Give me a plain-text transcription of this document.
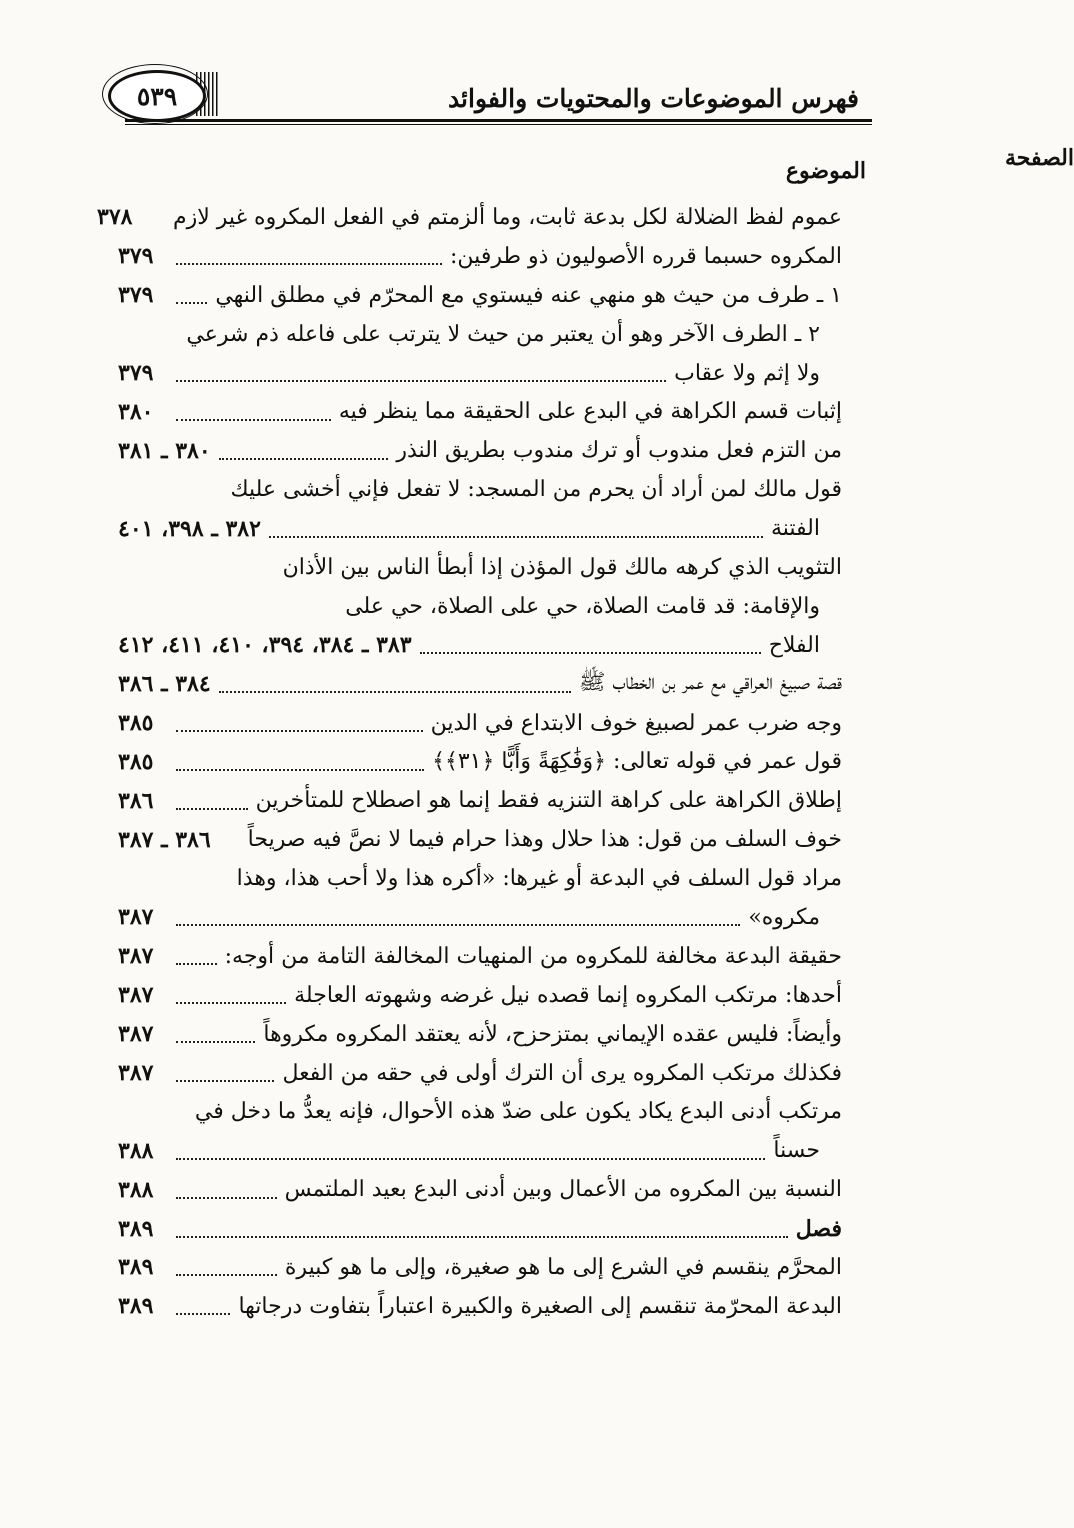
فهرس الموضوعات والمحتويات والفوائد
٥٣٩
الموضوع	الصفحة
عموم لفظ الضلالة لكل بدعة ثابت، وما ألزمتم في الفعل المكروه غير لازم
٣٧٨
المكروه حسبما قرره الأصوليون ذو طرفين:
٣٧٩
١ ـ طرف من حيث هو منهي عنه فيستوي مع المحرّم في مطلق النهي
٣٧٩
٢ ـ الطرف الآخر وهو أن يعتبر من حيث لا يترتب على فاعله ذم شرعي
ولا إثم ولا عقاب
٣٧٩
إثبات قسم الكراهة في البدع على الحقيقة مما ينظر فيه
٣٨٠
من التزم فعل مندوب أو ترك مندوب بطريق النذر
٣٨٠ ـ ٣٨١
قول مالك لمن أراد أن يحرم من المسجد: لا تفعل فإني أخشى عليك
الفتنة
٣٨٢ ـ ٣٩٨، ٤٠١
التثويب الذي كرهه مالك قول المؤذن إذا أبطأ الناس بين الأذان
والإقامة: قد قامت الصلاة، حي على الصلاة، حي على
الفلاح
٣٨٣ ـ ٣٨٤، ٣٩٤، ٤١٠، ٤١١، ٤١٢
قصة صبيغ العراقي مع عمر بن الخطاب ﷺ
٣٨٤ ـ ٣٨٦
وجه ضرب عمر لصبيغ خوف الابتداع في الدين
٣٨٥
قول عمر في قوله تعالى: ﴿وَفَٰكِهَةً وَأَبًّا ﴿٣١﴾﴾
٣٨٥
إطلاق الكراهة على كراهة التنزيه فقط إنما هو اصطلاح للمتأخرين
٣٨٦
خوف السلف من قول: هذا حلال وهذا حرام فيما لا نصَّ فيه صريحاً
٣٨٦ ـ ٣٨٧
مراد قول السلف في البدعة أو غيرها: «أكره هذا ولا أحب هذا، وهذا
مكروه»
٣٨٧
حقيقة البدعة مخالفة للمكروه من المنهيات المخالفة التامة من أوجه:
٣٨٧
أحدها: مرتكب المكروه إنما قصده نيل غرضه وشهوته العاجلة
٣٨٧
وأيضاً: فليس عقده الإيماني بمتزحزح، لأنه يعتقد المكروه مكروهاً
٣٨٧
فكذلك مرتكب المكروه يرى أن الترك أولى في حقه من الفعل
٣٨٧
مرتكب أدنى البدع يكاد يكون على ضدّ هذه الأحوال، فإنه يعدُّ ما دخل في
حسناً
٣٨٨
النسبة بين المكروه من الأعمال وبين أدنى البدع بعيد الملتمس
٣٨٨
فصل
٣٨٩
المحرَّم ينقسم في الشرع إلى ما هو صغيرة، وإلى ما هو كبيرة
٣٨٩
البدعة المحرّمة تنقسم إلى الصغيرة والكبيرة اعتباراً بتفاوت درجاتها
٣٨٩
